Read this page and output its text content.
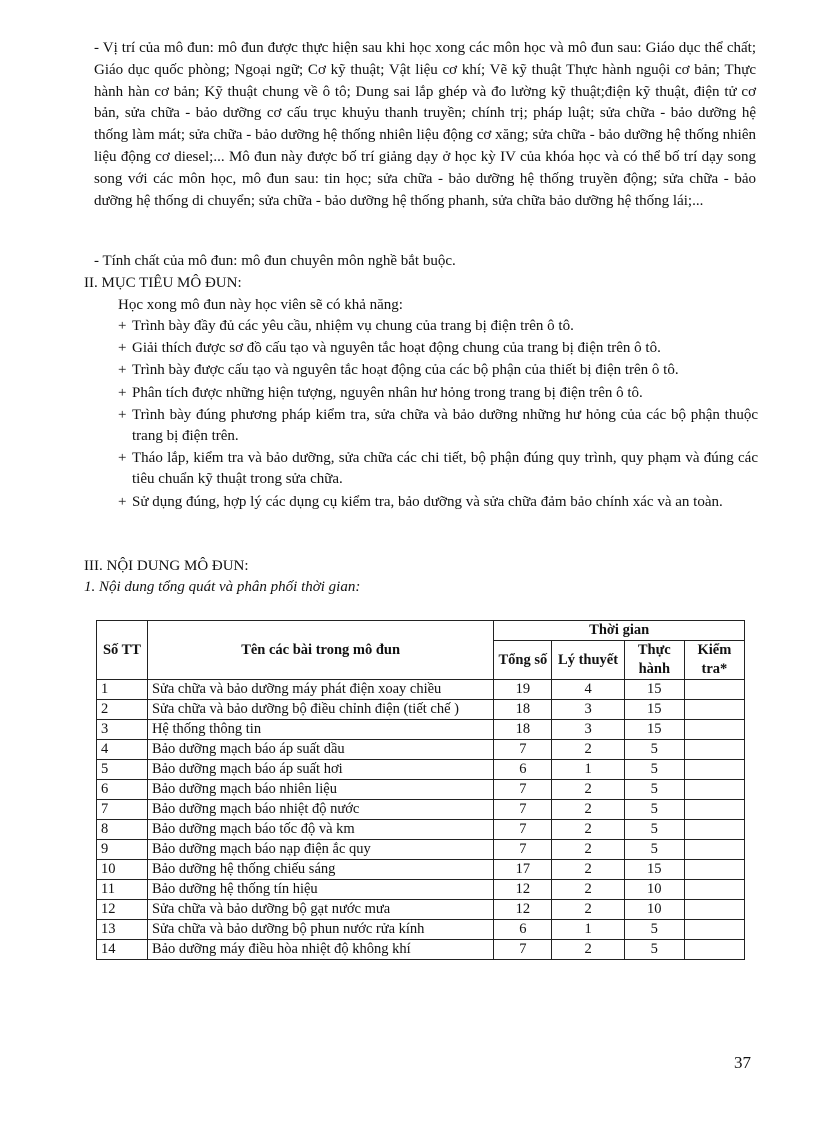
- Vị trí của mô đun: mô đun được thực hiện sau khi học xong các môn học và mô đun sau: Giáo dục thể chất; Giáo dục quốc phòng; Ngoại ngữ; Cơ kỹ thuật; Vật liệu cơ khí; Vẽ kỹ thuật Thực hành nguội cơ bản; Thực hành hàn cơ bản; Kỹ thuật chung về ô tô; Dung sai lắp ghép và đo lường kỹ thuật;điện kỹ thuật, điện tử cơ bản, sửa chữa - bảo dưỡng cơ cấu trục khuỷu thanh truyền; chính trị; pháp luật; sửa chữa - bảo dưỡng hệ thống làm mát; sửa chữa - bảo dưỡng hệ thống nhiên liệu động cơ xăng; sửa chữa - bảo dưỡng hệ thống nhiên liệu động cơ diesel;... Mô đun này được bố trí giảng dạy ở học kỳ IV của khóa học và có thể bố trí dạy song song với các môn học, mô đun sau: tin học; sửa chữa - bảo dưỡng hệ thống truyền động; sửa chữa - bảo dưỡng hệ thống di chuyển; sửa chữa - bảo dưỡng hệ thống phanh, sửa chữa bảo dưỡng hệ thống lái;...
- Tính chất của mô đun: mô đun chuyên môn nghề bắt buộc.
II. MỤC TIÊU MÔ ĐUN:
Học xong mô đun này học viên sẽ có khả năng:
+ Trình bày đầy đủ các yêu cầu, nhiệm vụ chung của trang bị điện trên ô tô.
+ Giải thích được sơ đồ cấu tạo và nguyên tắc hoạt động chung của trang bị điện trên ô tô.
+ Trình bày được cấu tạo và nguyên tắc hoạt động của các bộ phận của thiết bị điện trên ô tô.
+ Phân tích được những hiện tượng, nguyên nhân hư hỏng trong trang bị điện trên ô tô.
+ Trình bày đúng phương pháp kiểm tra, sửa chữa và bảo dưỡng những hư hỏng của các bộ phận thuộc trang bị điện trên.
+ Tháo lắp, kiểm tra và bảo dưỡng, sửa chữa các chi tiết, bộ phận đúng quy trình, quy phạm và đúng các tiêu chuẩn kỹ thuật trong sửa chữa.
+ Sử dụng đúng, hợp lý các dụng cụ kiểm tra, bảo dưỡng và sửa chữa đảm bảo chính xác và an toàn.
III. NỘI DUNG MÔ ĐUN:
1. Nội dung tổng quát và phân phối thời gian:
Số TT	Tên các bài trong mô đun	Thời gian			
		Tổng số	Lý thuyết	Thực hành	Kiểm tra*
1	Sửa chữa và bảo dưỡng máy phát điện xoay chiều	19	4	15	
2	Sửa chữa và bảo dưỡng bộ điều chỉnh điện (tiết chế )	18	3	15	
3	Hệ thống thông tin	18	3	15	
4	Bảo dưỡng mạch báo áp suất dầu	7	2	5	
5	Bảo dưỡng mạch báo áp suất hơi	6	1	5	
6	Bảo dưỡng mạch báo nhiên liệu	7	2	5	
7	Bảo dưỡng mạch báo nhiệt độ nước	7	2	5	
8	Bảo dưỡng mạch báo tốc độ và km	7	2	5	
9	Bảo dưỡng mạch báo nạp điện ắc quy	7	2	5	
10	Bảo dưỡng hệ thống chiếu sáng	17	2	15	
11	Bảo dưỡng hệ thống tín hiệu	12	2	10	
12	Sửa chữa và bảo dưỡng bộ gạt nước mưa	12	2	10	
13	Sửa chữa và bảo dưỡng bộ phun nước rửa kính	6	1	5	
14	Bảo dưỡng máy điều hòa nhiệt độ không khí	7	2	5	
37
